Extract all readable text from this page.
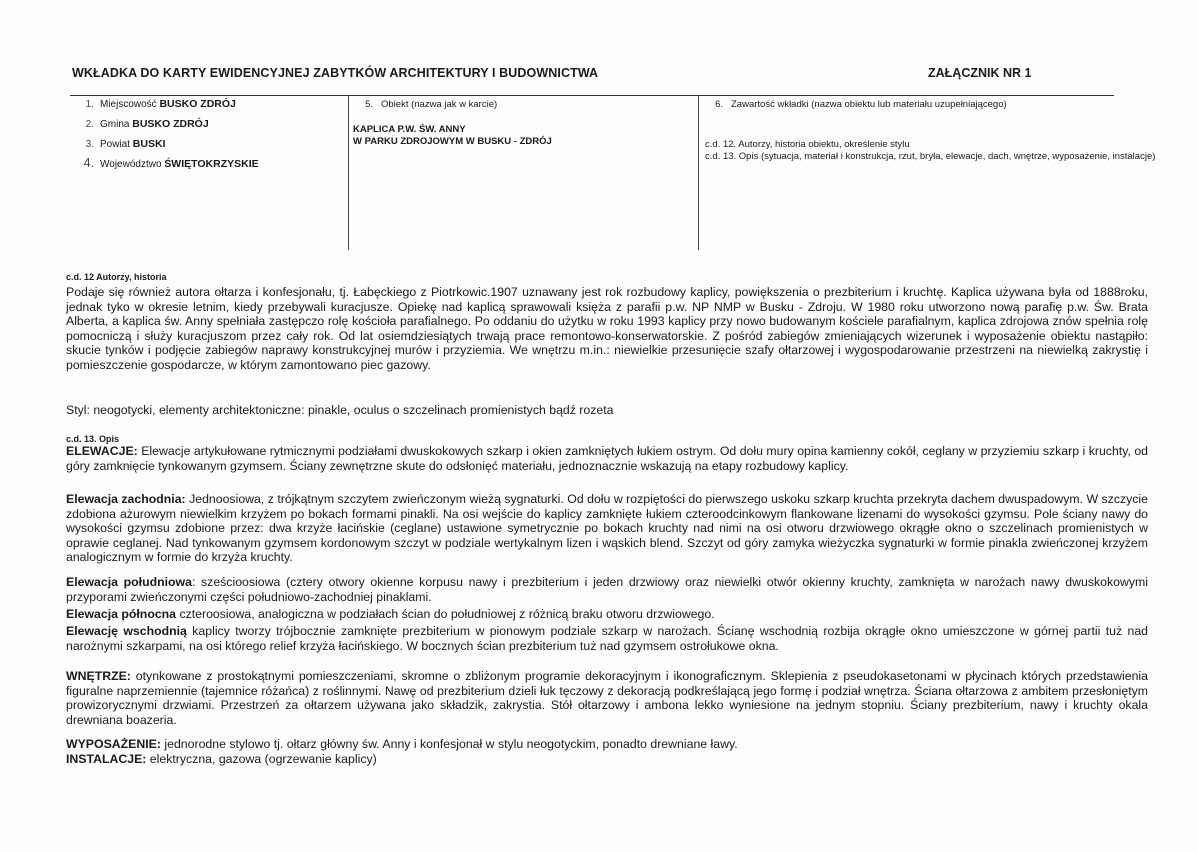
WKŁADKA DO KARTY EWIDENCYJNEJ ZABYTKÓW ARCHITEKTURY I BUDOWNICTWA	ZAŁĄCZNIK NR 1
1. Miejscowość BUSKO ZDRÓJ
2. Gmina BUSKO ZDRÓJ
3. Powiat BUSKI
4. Województwo ŚWIĘTOKRZYSKIE
5. Obiekt (nazwa jak w karcie)
KAPLICA P.W. ŚW. ANNY
W PARKU ZDROJOWYM W BUSKU - ZDRÓJ
6. Zawartość wkładki (nazwa obiektu lub materiału uzupełniającego)
c.d. 12. Autorzy, historia obiektu, określenie stylu
c.d. 13. Opis (sytuacja, materiał i konstrukcja, rzut, bryła, elewacje, dach, wnętrze, wyposażenie, instalacje)
c.d. 12 Autorzy, historia
Podaje się również autora ołtarza i konfesjonału, tj. Łabęckiego z Piotrkowic.1907 uznawany jest rok rozbudowy kaplicy, powiększenia o prezbiterium i kruchtę. Kaplica używana była od 1888roku, jednak tyko w okresie letnim, kiedy przebywali kuracjusze. Opiekę nad kaplicą sprawowali księża z parafii p.w. NP NMP w Busku - Zdroju. W 1980 roku utworzono nową parafię p.w. Św. Brata Alberta, a kaplica św. Anny spełniała zastępczo rolę kościoła parafialnego. Po oddaniu do użytku w roku 1993 kaplicy przy nowo budowanym kościele parafialnym, kaplica zdrojowa znów spełnia rolę pomocniczą i służy kuracjuszom przez cały rok. Od lat osiemdziesiątych trwają prace remontowo-konserwatorskie. Z pośród zabiegów zmieniających wizerunek i wyposażenie obiektu nastąpiło: skucie tynków i podjęcie zabiegów naprawy konstrukcyjnej murów i przyziemia. We wnętrzu m.in.: niewielkie przesunięcie szafy ołtarzowej i wygospodarowanie przestrzeni na niewielką zakrystię i pomieszczenie gospodarcze, w którym zamontowano piec gazowy.
Styl: neogotycki, elementy architektoniczne: pinakle, oculus o szczelinach promienistych bądź rozeta
c.d. 13. Opis
ELEWACJE: Elewacje artykułowane rytmicznymi podziałami dwuskokowych szkarp i okien zamkniętych łukiem ostrym. Od dołu mury opina kamienny cokół, ceglany w przyziemiu szkarp i kruchty, od góry zamknięcie tynkowanym gzymsem. Ściany zewnętrzne skute do odsłonięć materiału, jednoznacznie wskazują na etapy rozbudowy kaplicy.
Elewacja zachodnia: Jednoosiowa, z trójkątnym szczytem zwieńczonym wieżą sygnaturki. Od dołu w rozpiętości do pierwszego uskoku szkarp kruchta przekryta dachem dwuspadowym. W szczycie zdobiona ażurowym niewielkim krzyżem po bokach formami pinakli. Na osi wejście do kaplicy zamknięte łukiem czteroodcinkowym flankowane lizenami do wysokości gzymsu. Pole ściany nawy do wysokości gzymsu zdobione przez: dwa krzyże łacińskie (ceglane) ustawione symetrycznie po bokach kruchty nad nimi na osi otworu drzwiowego okrągłe okno o szczelinach promienistych w oprawie ceglanej. Nad tynkowanym gzymsem kordonowym szczyt w podziale wertykalnym lizen i wąskich blend. Szczyt od góry zamyka wieżyczka sygnaturki w formie pinakla zwieńczonej krzyżem analogicznym w formie do krzyża kruchty.
Elewacja południowa: sześcioosiowa (cztery otwory okienne korpusu nawy i prezbiterium i jeden drzwiowy oraz niewielki otwór okienny kruchty, zamknięta w narożach nawy dwuskokowymi przyporami zwieńczonymi części południowo-zachodniej pinaklami.
Elewacja północna czteroosiowa, analogiczna w podziałach ścian do południowej z różnicą braku otworu drzwiowego.
Elewację wschodnią kaplicy tworzy trójbocznie zamknięte prezbiterium w pionowym podziale szkarp w narożach. Ścianę wschodnią rozbija okrągłe okno umieszczone w górnej partii tuż nad narożnymi szkarpami, na osi którego relief krzyża łacińskiego. W bocznych ścian prezbiterium tuż nad gzymsem ostrołukowe okna.
WNĘTRZE: otynkowane z prostokątnymi pomieszczeniami, skromne o zbliżonym programie dekoracyjnym i ikonograficznym. Sklepienia z pseudokasetonami w płycinach których przedstawienia figuralne naprzemiennie (tajemnice różańca) z roślinnymi. Nawę od prezbiterium dzieli łuk tęczowy z dekoracją podkreślającą jego formę i podział wnętrza. Ściana ołtarzowa z ambitem przesłoniętym prowizorycznymi drzwiami. Przestrzeń za ołtarzem używana jako składzik, zakrystia. Stół ołtarzowy i ambona lekko wyniesione na jednym stopniu. Ściany prezbiterium, nawy i kruchty okala drewniana boazeria.
WYPOSAŻENIE: jednorodne stylowo tj. ołtarz główny św. Anny i konfesjonał w stylu neogotyckim, ponadto drewniane ławy.
INSTALACJE: elektryczna, gazowa (ogrzewanie kaplicy)
